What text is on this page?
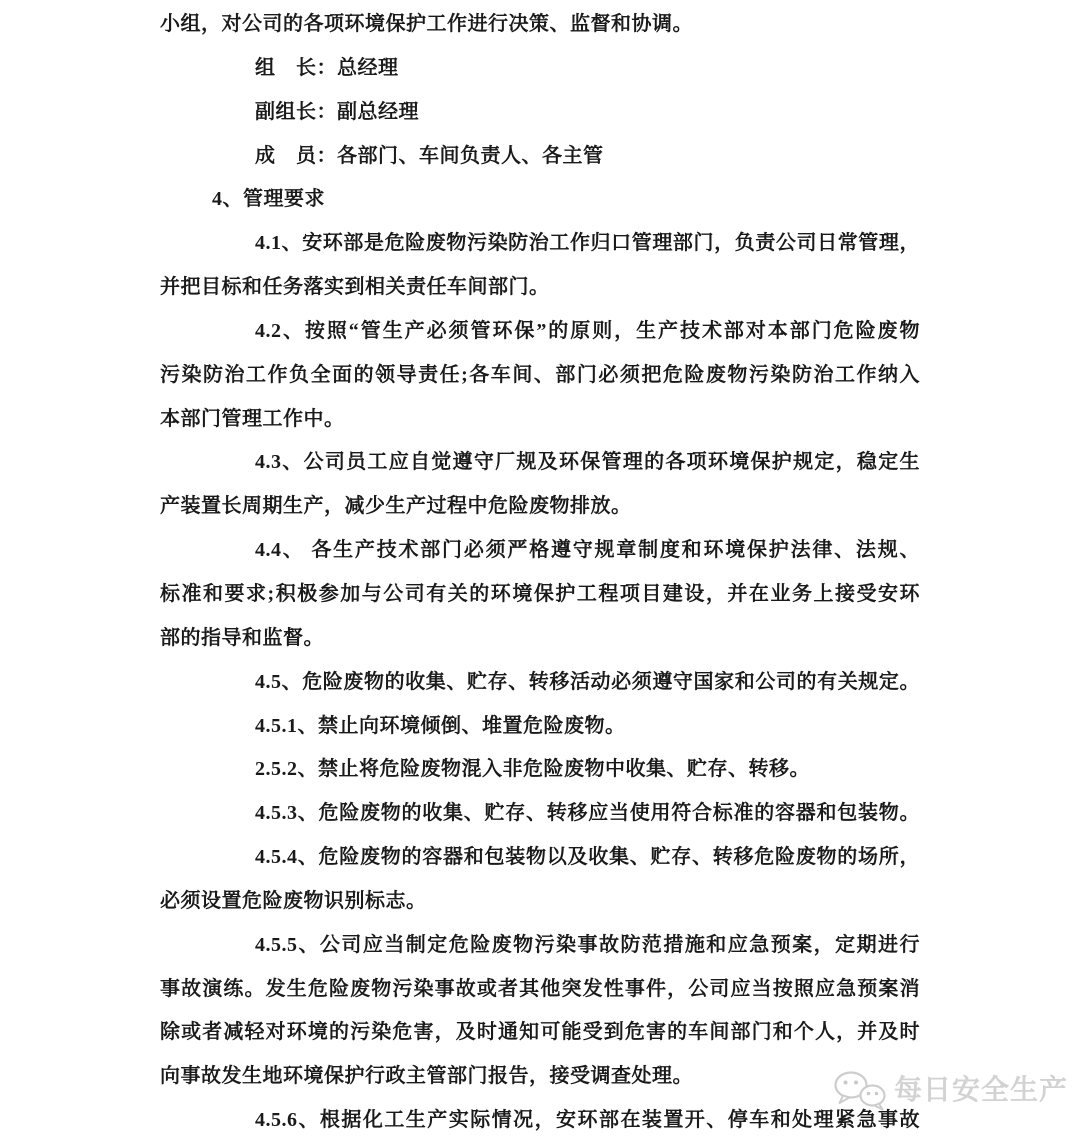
小组，对公司的各项环境保护工作进行决策、监督和协调。
组　长：总经理
副组长：副总经理
成　员：各部门、车间负责人、各主管
4、管理要求
4.1、安环部是危险废物污染防治工作归口管理部门，负责公司日常管理，
并把目标和任务落实到相关责任车间部门。
4.2、按照“管生产必须管环保”的原则，生产技术部对本部门危险废物
污染防治工作负全面的领导责任;各车间、部门必须把危险废物污染防治工作纳入
本部门管理工作中。
4.3、公司员工应自觉遵守厂规及环保管理的各项环境保护规定，稳定生
产装置长周期生产，减少生产过程中危险废物排放。
4.4、 各生产技术部门必须严格遵守规章制度和环境保护法律、法规、
标准和要求;积极参加与公司有关的环境保护工程项目建设，并在业务上接受安环
部的指导和监督。
4.5、危险废物的收集、贮存、转移活动必须遵守国家和公司的有关规定。
4.5.1、禁止向环境倾倒、堆置危险废物。
2.5.2、禁止将危险废物混入非危险废物中收集、贮存、转移。
4.5.3、危险废物的收集、贮存、转移应当使用符合标准的容器和包装物。
4.5.4、危险废物的容器和包装物以及收集、贮存、转移危险废物的场所，
必须设置危险废物识别标志。
4.5.5、公司应当制定危险废物污染事故防范措施和应急预案，定期进行
事故演练。发生危险废物污染事故或者其他突发性事件，公司应当按照应急预案消
除或者减轻对环境的污染危害，及时通知可能受到危害的车间部门和个人，并及时
向事故发生地环境保护行政主管部门报告，接受调查处理。
4.5.6、根据化工生产实际情况，安环部在装置开、停车和处理紧急事故
每日安全生产
